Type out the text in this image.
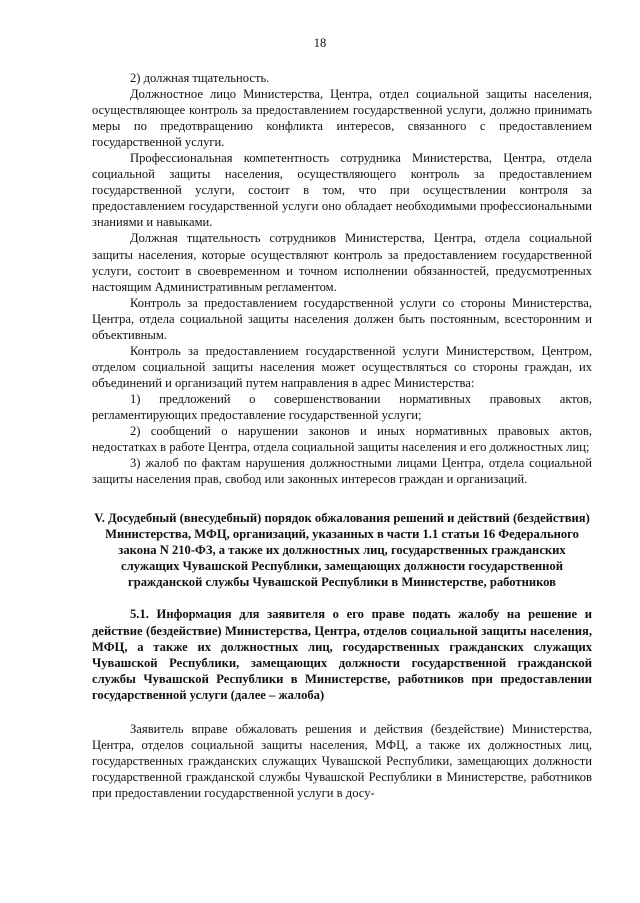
18

2) должная тщательность.

Должностное лицо Министерства, Центра, отдел социальной защиты населения, осуществляющее контроль за предоставлением государственной услуги, должно принимать меры по предотвращению конфликта интересов, связанного с предоставлением государственной услуги.

Профессиональная компетентность сотрудника Министерства, Центра, отдела социальной защиты населения, осуществляющего контроль за предоставлением государственной услуги, состоит в том, что при осуществлении контроля за предоставлением государственной услуги оно обладает необходимыми профессиональными знаниями и навыками.

Должная тщательность сотрудников Министерства, Центра, отдела социальной защиты населения, которые осуществляют контроль за предоставлением государственной услуги, состоит в своевременном и точном исполнении обязанностей, предусмотренных настоящим Административным регламентом.

Контроль за предоставлением государственной услуги со стороны Министерства, Центра, отдела социальной защиты населения должен быть постоянным, всесторонним и объективным.

Контроль за предоставлением государственной услуги Министерством, Центром, отделом социальной защиты населения может осуществляться со стороны граждан, их объединений и организаций путем направления в адрес Министерства:

1) предложений о совершенствовании нормативных правовых актов, регламентирующих предоставление государственной услуги;

2) сообщений о нарушении законов и иных нормативных правовых актов, недостатках в работе Центра, отдела социальной защиты населения и его должностных лиц;

3) жалоб по фактам нарушения должностными лицами Центра, отдела социальной защиты населения прав, свобод или законных интересов граждан и организаций.

V. Досудебный (внесудебный) порядок обжалования решений и действий (бездействия) Министерства, МФЦ, организаций, указанных в части 1.1 статьи 16 Федерального закона N 210-ФЗ, а также их должностных лиц, государственных гражданских служащих Чувашской Республики, замещающих должности государственной гражданской службы Чувашской Республики в Министерстве, работников
5.1. Информация для заявителя о его праве подать жалобу на решение и действие (бездействие) Министерства, Центра, отделов социальной защиты населения, МФЦ, а также их должностных лиц, государственных гражданских служащих Чувашской Республики, замещающих должности государственной гражданской службы Чувашской Республики в Министерстве, работников при предоставлении государственной услуги (далее – жалоба)

Заявитель вправе обжаловать решения и действия (бездействие) Министерства, Центра, отделов социальной защиты населения, МФЦ, а также их должностных лиц, государственных гражданских служащих Чувашской Республики, замещающих должности государственной гражданской службы Чувашской Республики в Министерстве, работников при предоставлении государственной услуги в досу-
